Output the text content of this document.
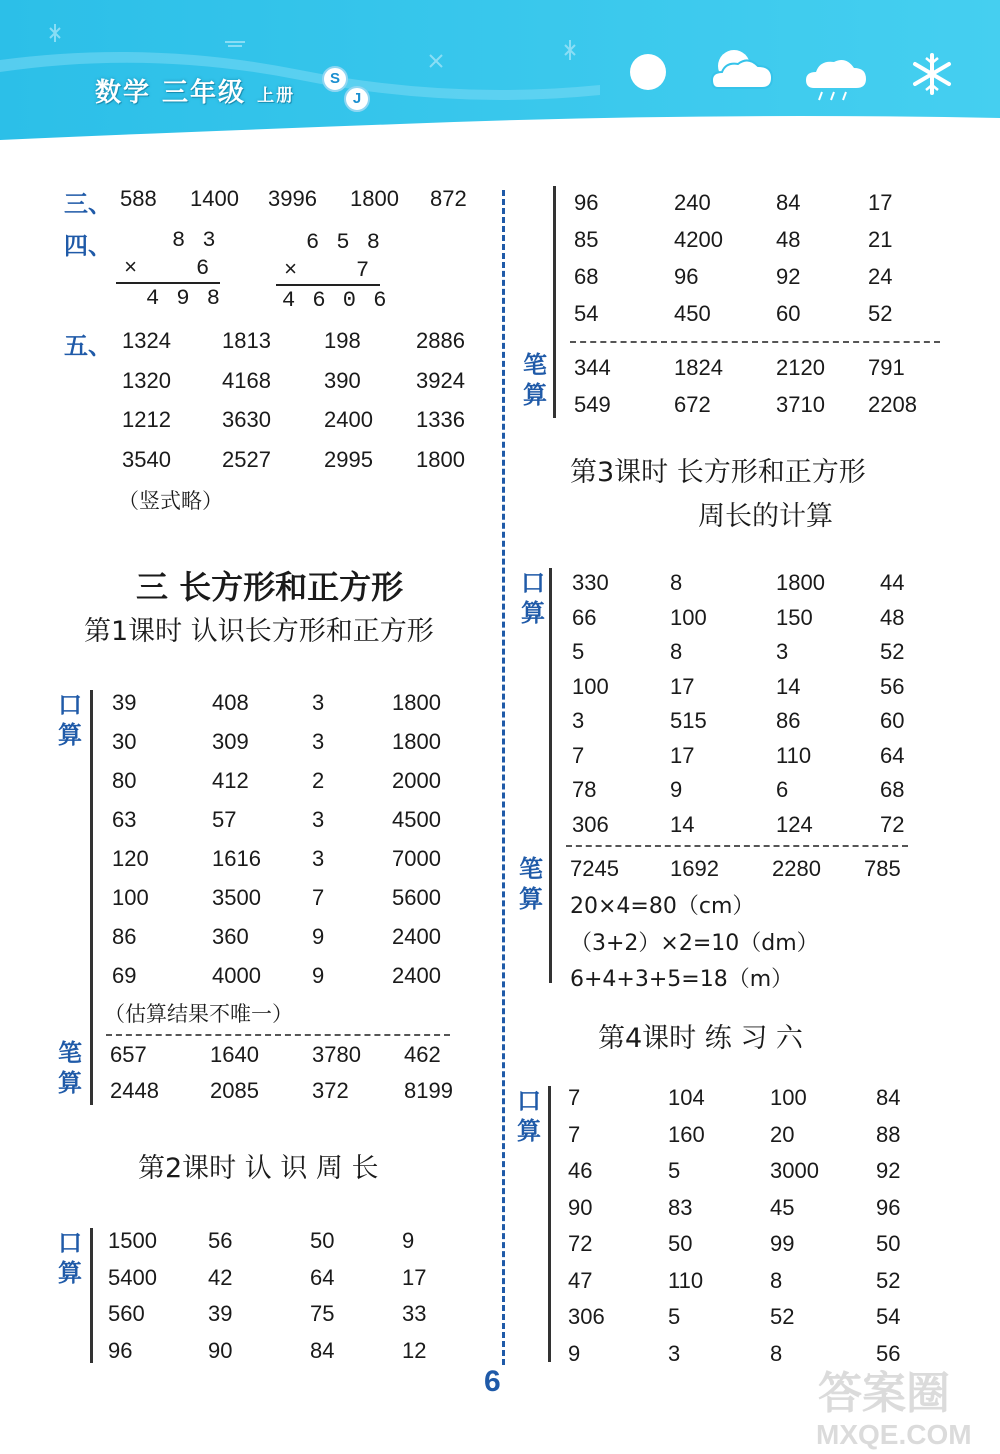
数学 三年级 上册
S
J
三、 588 1400 3996 1800 872
四、	8 3
×	6
4 9 8
6 5 8
×	7
4 6 0 6
五、 1324 1813 198	2886
1320 4168 390	3924
1212 3630 2400 1336
3540 2527 2995 1800
（竖式略）
三 长方形和正方形
第1课时 认识长方形和正方形
口
算
39	408	3	1800
30	309	3	1800
80	412	2	2000
63	57	3	4500
120	1616 3	7000
100	3500 7	5600
86	360	9	2400
69	4000 9	2400
（估算结果不唯一）
笔
算
657	1640 3780 462
2448 2085 372	8199
第2课时 认 识 周 长
口
算
1500 56	50	9
5400 42	64	17
560	39	75	33
96	90	84	12
96	240	84	17
85	4200 48	21
68	96	92	24
54	450	60	52
笔
算
344	1824 2120 791
549	672	3710 2208
第3课时 长方形和正方形
周长的计算
口
算
330	8	1800	44
66	100	150	48
5	8	3	52
100	17	14	56
3	515	86	60
7	17	110	64
78	9	6	68
306	14	124	72
笔
算
7245 1692 2280 785
20×4=80（cm）
（3+2）×2=10（dm）
6+4+3+5=18（m）
第4课时 练 习 六
口
算
7	104	100	84
7	160	20	88
46	5	3000	92
90	83	45	96
72	50	99	50
47	110	8	52
306	5	52	54
9	3	8	56
6	答案圈
MXQE.COM
